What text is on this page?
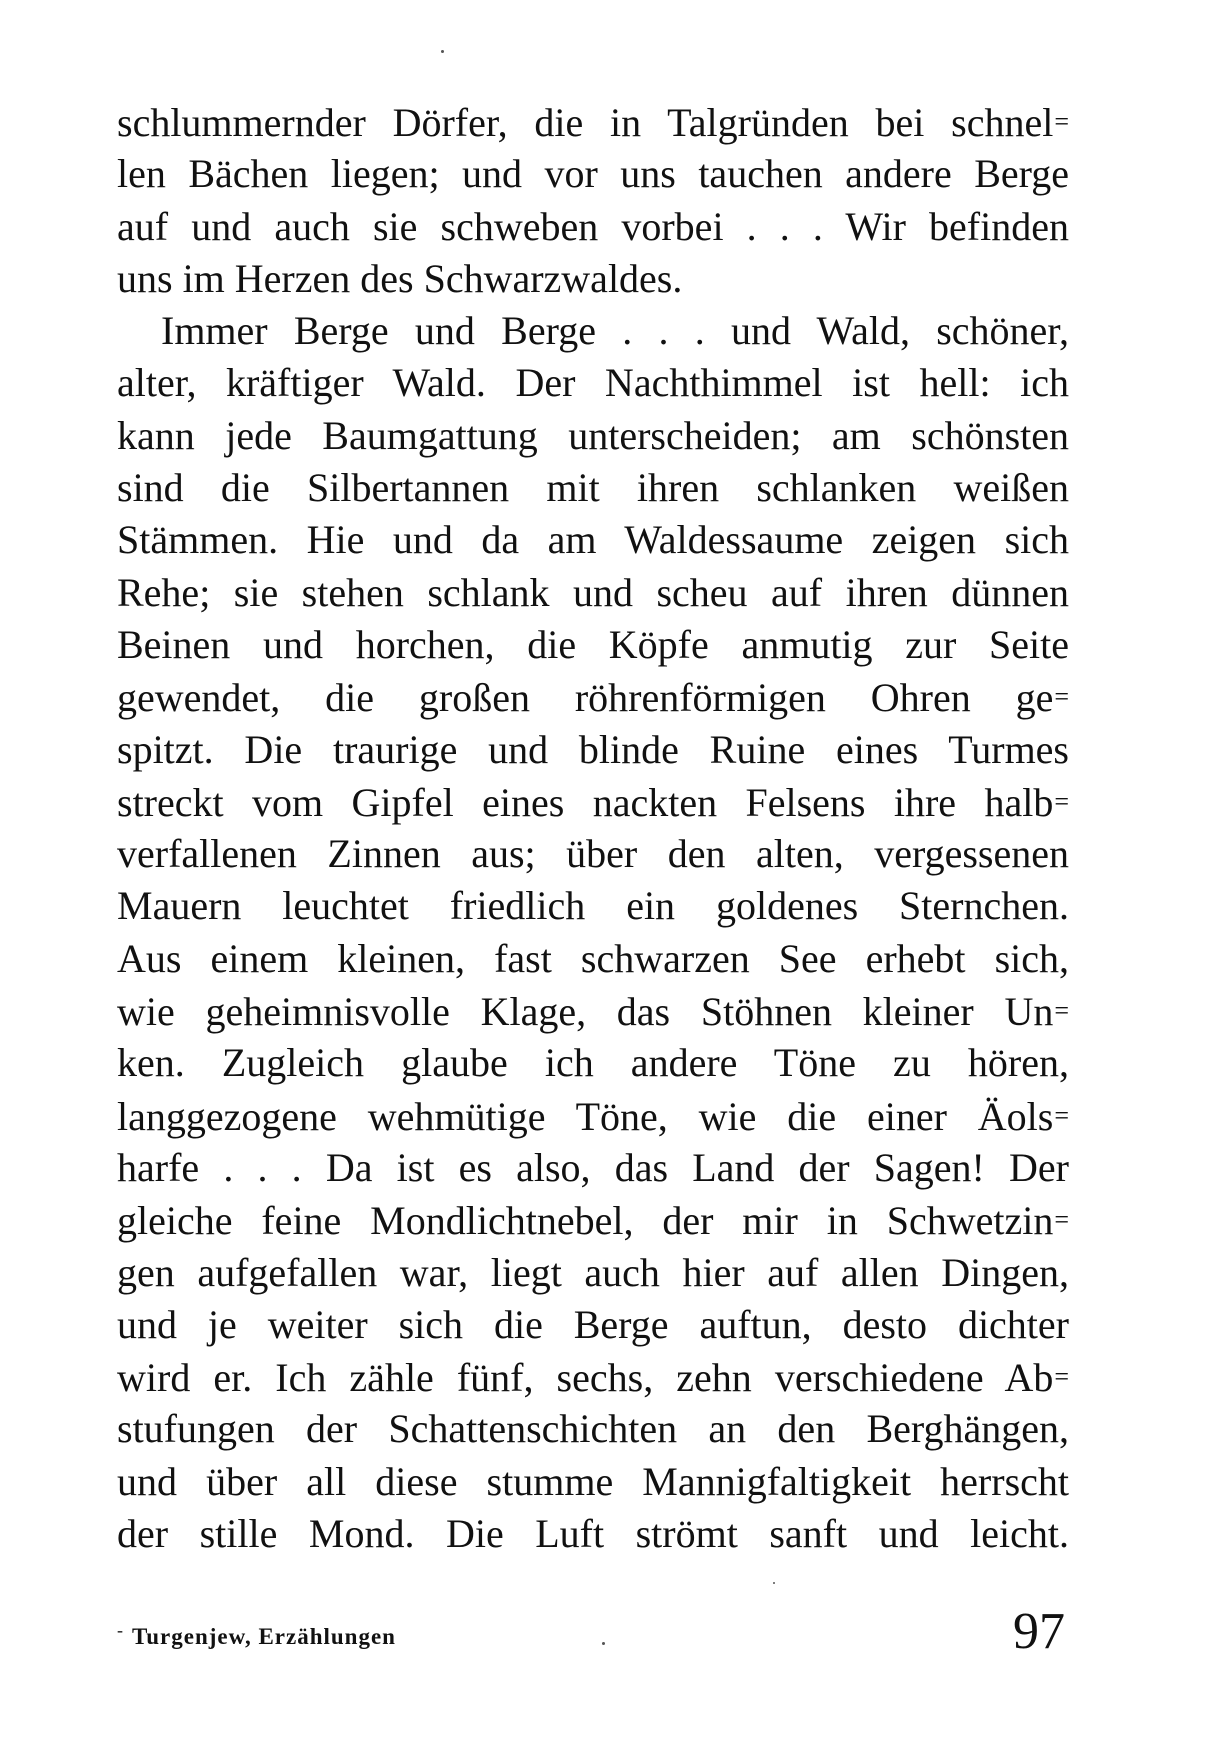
schlummernder Dörfer, die in Talgründen bei schnel=
len Bächen liegen; und vor uns tauchen andere Berge
auf und auch sie schweben vorbei . . . Wir befinden
uns im Herzen des Schwarzwaldes.
Immer Berge und Berge . . . und Wald, schöner,
alter, kräftiger Wald. Der Nachthimmel ist hell: ich
kann jede Baumgattung unterscheiden; am schönsten
sind die Silbertannen mit ihren schlanken weißen
Stämmen. Hie und da am Waldessaume zeigen sich
Rehe; sie stehen schlank und scheu auf ihren dünnen
Beinen und horchen, die Köpfe anmutig zur Seite
gewendet, die großen röhrenförmigen Ohren ge=
spitzt. Die traurige und blinde Ruine eines Turmes
streckt vom Gipfel eines nackten Felsens ihre halb=
verfallenen Zinnen aus; über den alten, vergessenen
Mauern leuchtet friedlich ein goldenes Sternchen.
Aus einem kleinen, fast schwarzen See erhebt sich,
wie geheimnisvolle Klage, das Stöhnen kleiner Un=
ken. Zugleich glaube ich andere Töne zu hören,
langgezogene wehmütige Töne, wie die einer Äols=
harfe . . . Da ist es also, das Land der Sagen! Der
gleiche feine Mondlichtnebel, der mir in Schwetzin=
gen aufgefallen war, liegt auch hier auf allen Dingen,
und je weiter sich die Berge auftun, desto dichter
wird er. Ich zähle fünf, sechs, zehn verschiedene Ab=
stufungen der Schattenschichten an den Berghängen,
und über all diese stumme Mannigfaltigkeit herrscht
der stille Mond. Die Luft strömt sanft und leicht.
- Turgenjew, Erzählungen	97
